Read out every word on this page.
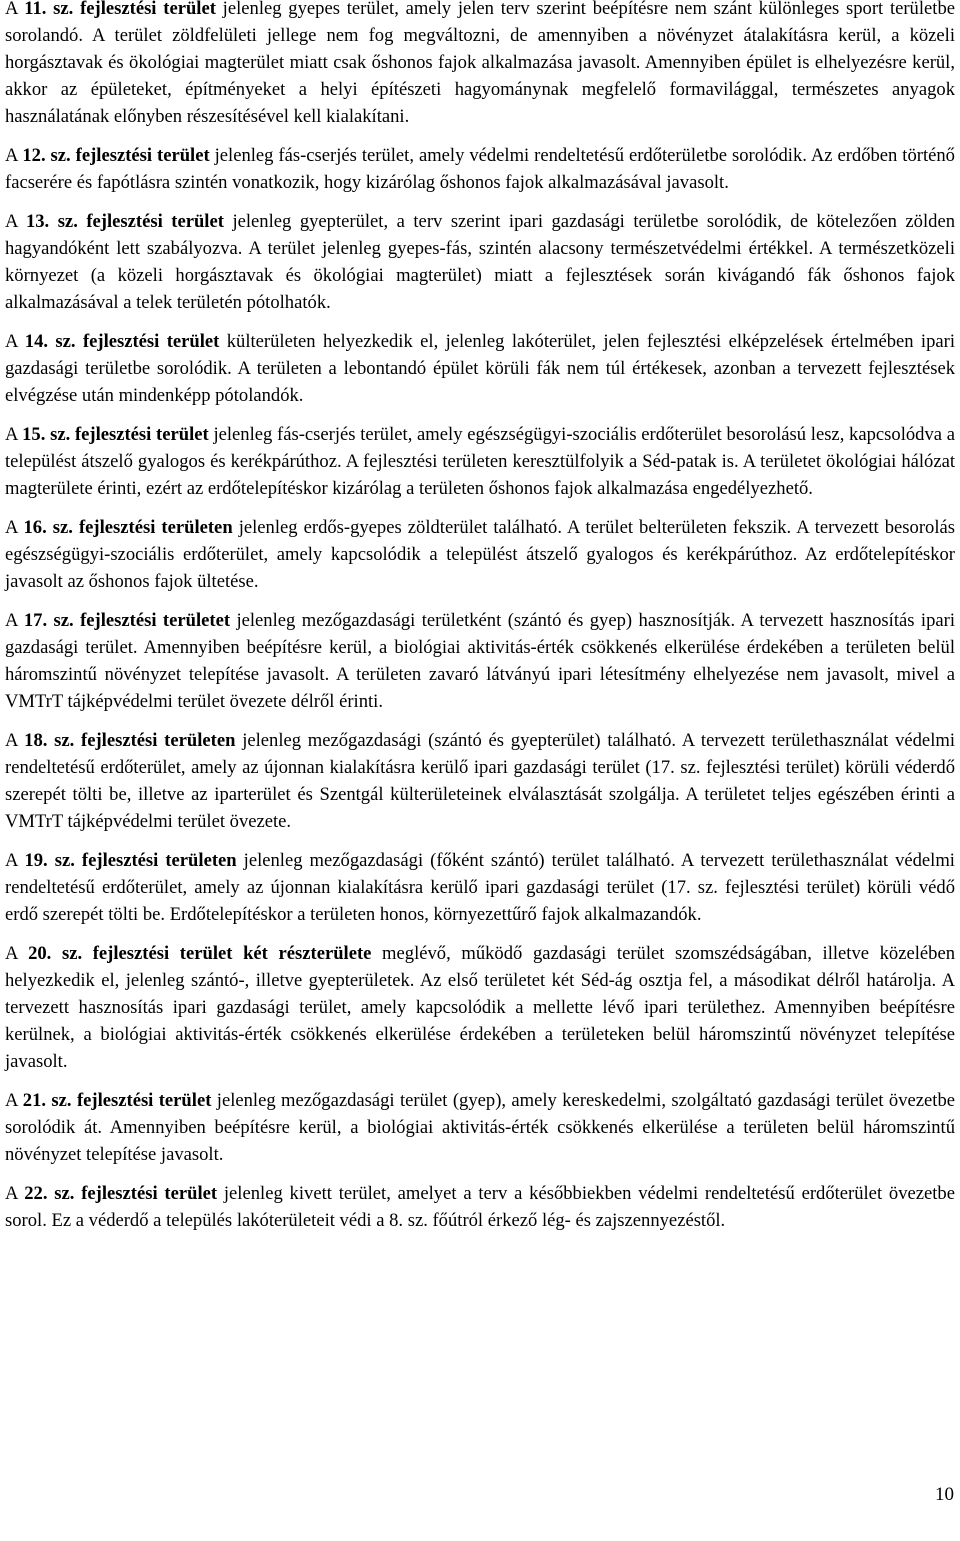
A 11. sz. fejlesztési terület jelenleg gyepes terület, amely jelen terv szerint beépítésre nem szánt különleges sport területbe sorolandó. A terület zöldfelületi jellege nem fog megváltozni, de amennyiben a növényzet átalakításra kerül, a közeli horgásztavak és ökológiai magterület miatt csak őshonos fajok alkalmazása javasolt. Amennyiben épület is elhelyezésre kerül, akkor az épületeket, építményeket a helyi építészeti hagyománynak megfelelő formavilággal, természetes anyagok használatának előnyben részesítésével kell kialakítani.

A 12. sz. fejlesztési terület jelenleg fás-cserjés terület, amely védelmi rendeltetésű erdőterületbe sorolódik. Az erdőben történő facserére és fapótlásra szintén vonatkozik, hogy kizárólag őshonos fajok alkalmazásával javasolt.

A 13. sz. fejlesztési terület jelenleg gyepterület, a terv szerint ipari gazdasági területbe sorolódik, de kötelezően zölden hagyandóként lett szabályozva. A terület jelenleg gyepes-fás, szintén alacsony természetvédelmi értékkel. A természetközeli környezet (a közeli horgásztavak és ökológiai magterület) miatt a fejlesztések során kivágandó fák őshonos fajok alkalmazásával a telek területén pótolhatók.

A 14. sz. fejlesztési terület külterületen helyezkedik el, jelenleg lakóterület, jelen fejlesztési elképzelések értelmében ipari gazdasági területbe sorolódik. A területen a lebontandó épület körüli fák nem túl értékesek, azonban a tervezett fejlesztések elvégzése után mindenképp pótolandók.

A 15. sz. fejlesztési terület jelenleg fás-cserjés terület, amely egészségügyi-szociális erdőterület besorolású lesz, kapcsolódva a települést átszelő gyalogos és kerékpárúthoz. A fejlesztési területen keresztülfolyik a Séd-patak is. A területet ökológiai hálózat magterülete érinti, ezért az erdőtelepítéskor kizárólag a területen őshonos fajok alkalmazása engedélyezhető.

A 16. sz. fejlesztési területen jelenleg erdős-gyepes zöldterület található. A terület belterületen fekszik. A tervezett besorolás egészségügyi-szociális erdőterület, amely kapcsolódik a települést átszelő gyalogos és kerékpárúthoz. Az erdőtelepítéskor javasolt az őshonos fajok ültetése.

A 17. sz. fejlesztési területet jelenleg mezőgazdasági területként (szántó és gyep) hasznosítják. A tervezett hasznosítás ipari gazdasági terület. Amennyiben beépítésre kerül, a biológiai aktivitás-érték csökkenés elkerülése érdekében a területen belül háromszintű növényzet telepítése javasolt. A területen zavaró látványú ipari létesítmény elhelyezése nem javasolt, mivel a VMTrT tájképvédelmi terület övezete délről érinti.

A 18. sz. fejlesztési területen jelenleg mezőgazdasági (szántó és gyepterület) található. A tervezett területhasználat védelmi rendeltetésű erdőterület, amely az újonnan kialakításra kerülő ipari gazdasági terület (17. sz. fejlesztési terület) körüli véderdő szerepét tölti be, illetve az iparterület és Szentgál külterületeinek elválasztását szolgálja. A területet teljes egészében érinti a VMTrT tájképvédelmi terület övezete.

A 19. sz. fejlesztési területen jelenleg mezőgazdasági (főként szántó) terület található. A tervezett területhasználat védelmi rendeltetésű erdőterület, amely az újonnan kialakításra kerülő ipari gazdasági terület (17. sz. fejlesztési terület) körüli védő erdő szerepét tölti be. Erdőtelepítéskor a területen honos, környezettűrő fajok alkalmazandók.

A 20. sz. fejlesztési terület két részterülete meglévő, működő gazdasági terület szomszédságában, illetve közelében helyezkedik el, jelenleg szántó-, illetve gyepterületek. Az első területet két Séd-ág osztja fel, a másodikat délről határolja. A tervezett hasznosítás ipari gazdasági terület, amely kapcsolódik a mellette lévő ipari területhez. Amennyiben beépítésre kerülnek, a biológiai aktivitás-érték csökkenés elkerülése érdekében a területeken belül háromszintű növényzet telepítése javasolt.

A 21. sz. fejlesztési terület jelenleg mezőgazdasági terület (gyep), amely kereskedelmi, szolgáltató gazdasági terület övezetbe sorolódik át. Amennyiben beépítésre kerül, a biológiai aktivitás-érték csökkenés elkerülése a területen belül háromszintű növényzet telepítése javasolt.

A 22. sz. fejlesztési terület jelenleg kivett terület, amelyet a terv a későbbiekben védelmi rendeltetésű erdőterület övezetbe sorol. Ez a véderdő a település lakóterületeit védi a 8. sz. főútról érkező lég- és zajszennyezéstől.

10
